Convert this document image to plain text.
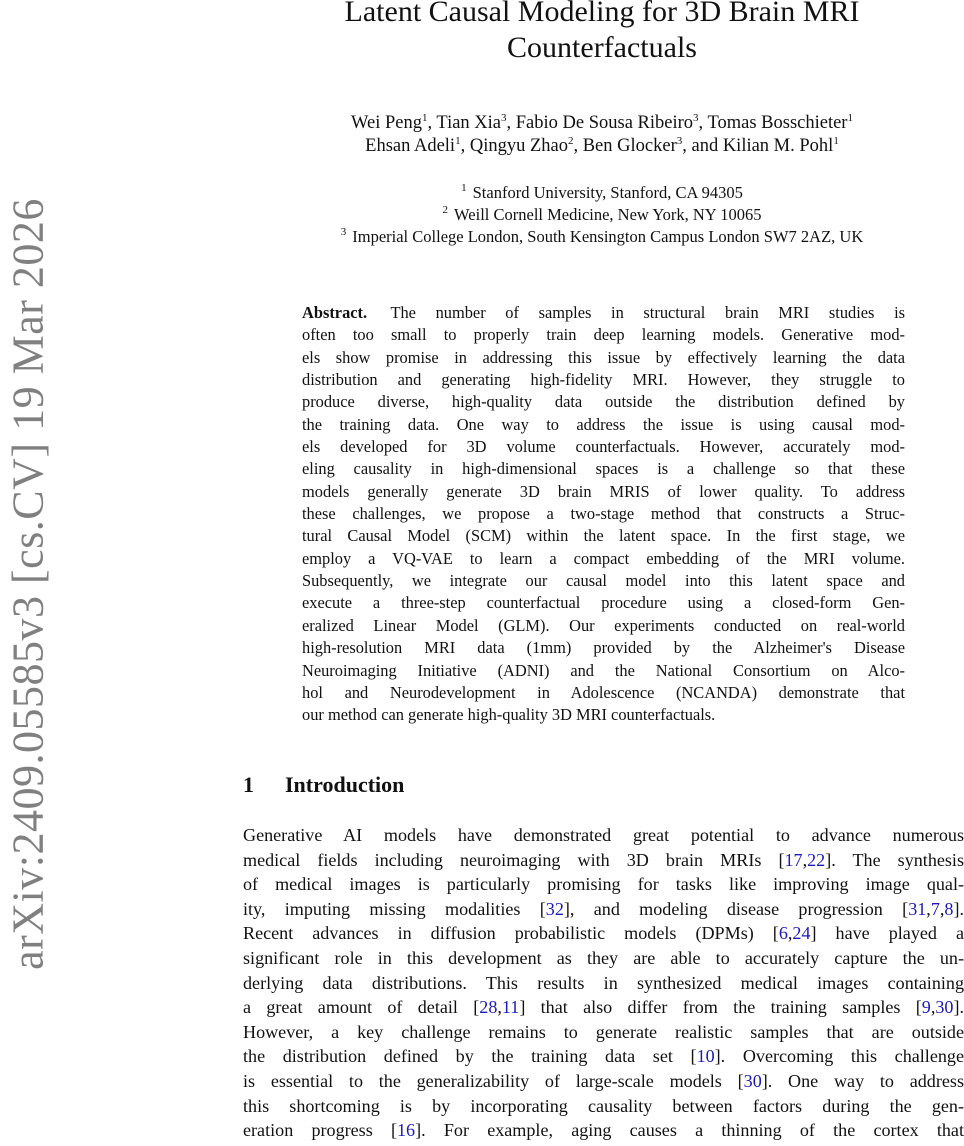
arXiv:2409.05585v3 [cs.CV] 19 Mar 2026
Latent Causal Modeling for 3D Brain MRI
Counterfactuals
Wei Peng$^1$, Tian Xia$^3$, Fabio De Sousa Ribeiro$^3$, Tomas Bosschieter$^1$
Ehsan Adeli$^1$, Qingyu Zhao$^2$, Ben Glocker$^3$, and Kilian M. Pohl$^1$
$^1$ Stanford University, Stanford, CA 94305
$^2$ Weill Cornell Medicine, New York, NY 10065
$^3$ Imperial College London, South Kensington Campus London SW7 2AZ, UK
Abstract. The number of samples in structural brain MRI studies is
often too small to properly train deep learning models. Generative mod-
els show promise in addressing this issue by effectively learning the data
distribution and generating high-fidelity MRI. However, they struggle to
produce diverse, high-quality data outside the distribution defined by
the training data. One way to address the issue is using causal mod-
els developed for 3D volume counterfactuals. However, accurately mod-
eling causality in high-dimensional spaces is a challenge so that these
models generally generate 3D brain MRIS of lower quality. To address
these challenges, we propose a two-stage method that constructs a Struc-
tural Causal Model (SCM) within the latent space. In the first stage, we
employ a VQ-VAE to learn a compact embedding of the MRI volume.
Subsequently, we integrate our causal model into this latent space and
execute a three-step counterfactual procedure using a closed-form Gen-
eralized Linear Model (GLM). Our experiments conducted on real-world
high-resolution MRI data (1mm) provided by the Alzheimer's Disease
Neuroimaging Initiative (ADNI) and the National Consortium on Alco-
hol and Neurodevelopment in Adolescence (NCANDA) demonstrate that
our method can generate high-quality 3D MRI counterfactuals.
1 Introduction
Generative AI models have demonstrated great potential to advance numerous
medical fields including neuroimaging with 3D brain MRIs [17,22]. The synthesis
of medical images is particularly promising for tasks like improving image qual-
ity, imputing missing modalities [32], and modeling disease progression [31,7,8].
Recent advances in diffusion probabilistic models (DPMs) [6,24] have played a
significant role in this development as they are able to accurately capture the un-
derlying data distributions. This results in synthesized medical images containing
a great amount of detail [28,11] that also differ from the training samples [9,30].
However, a key challenge remains to generate realistic samples that are outside
the distribution defined by the training data set [10]. Overcoming this challenge
is essential to the generalizability of large-scale models [30]. One way to address
this shortcoming is by incorporating causality between factors during the gen-
eration progress [16]. For example, aging causes a thinning of the cortex that
